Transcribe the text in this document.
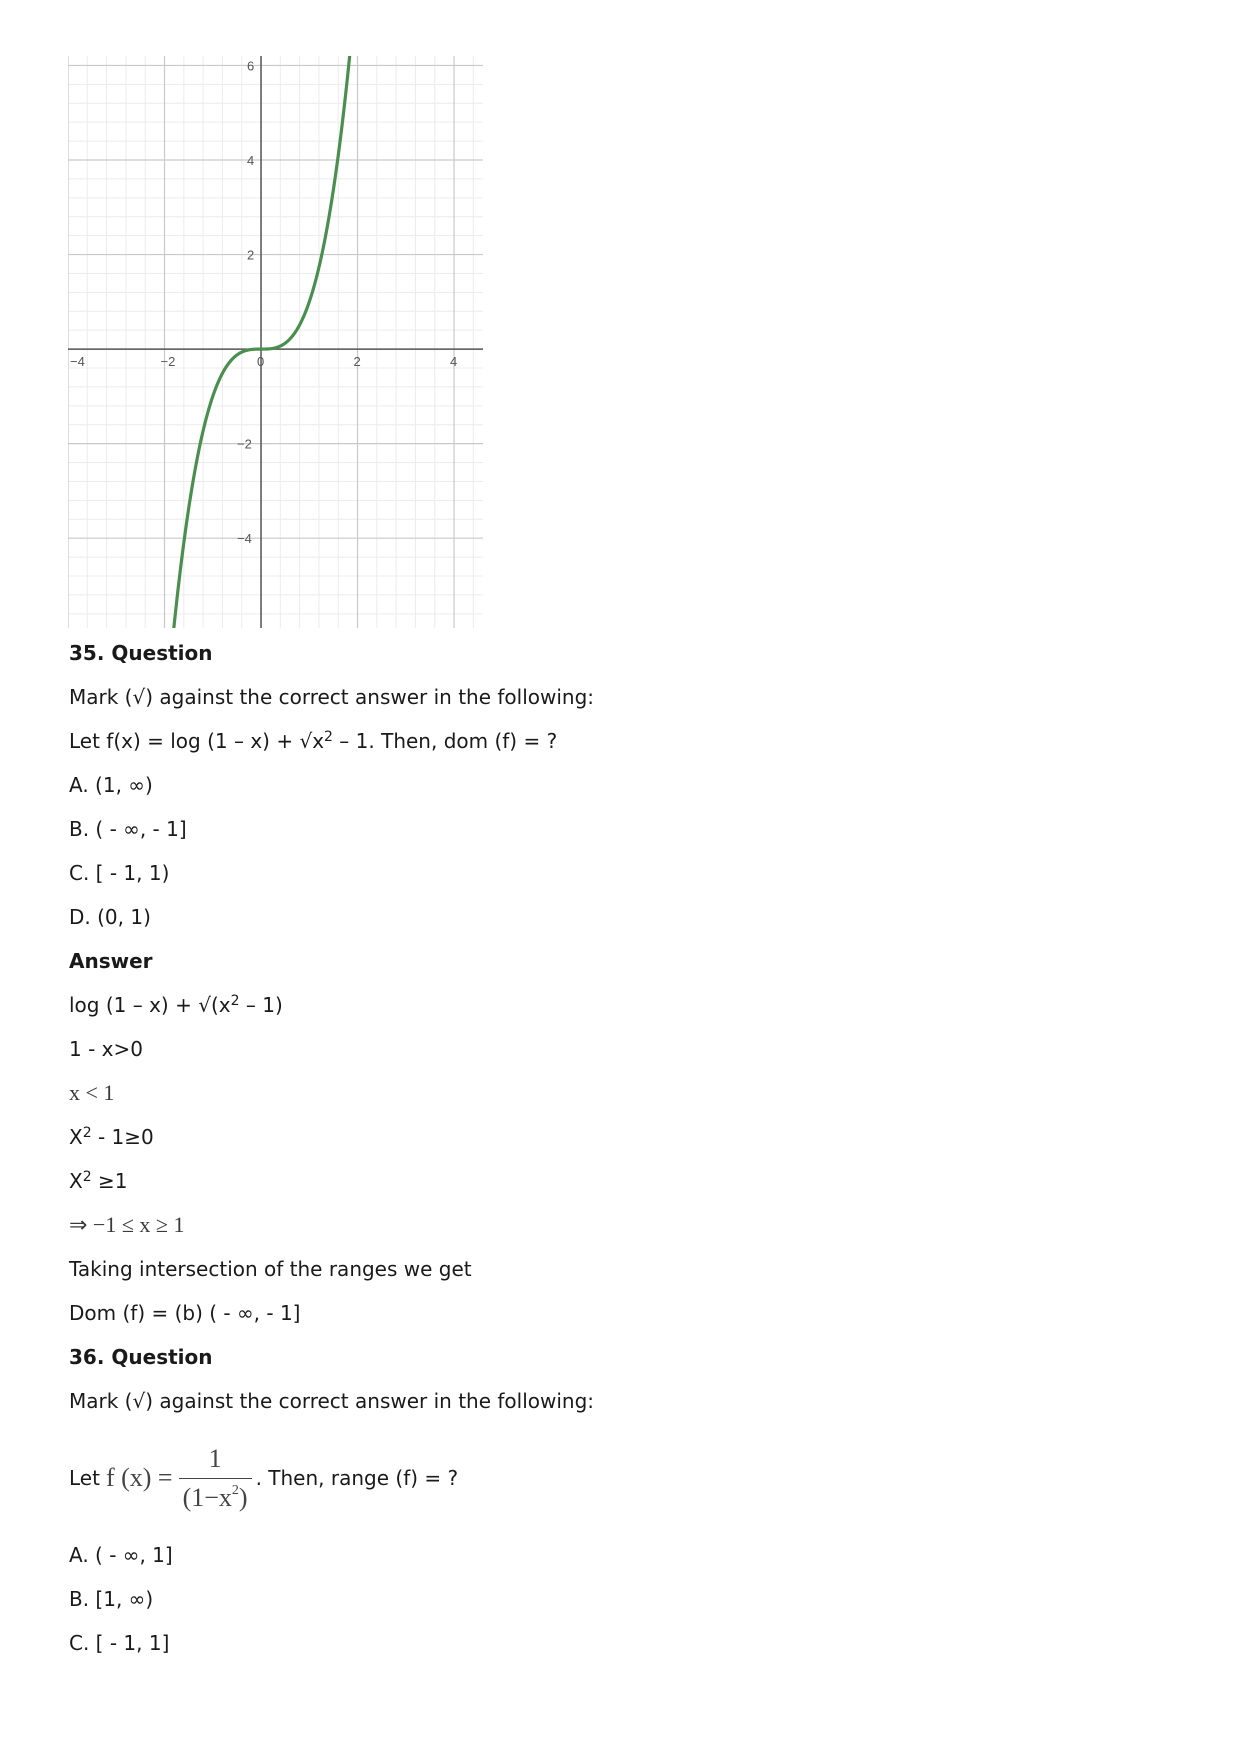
−4	−2	0	2	4
6
4
2
−2
−4
35. Question
Mark (√) against the correct answer in the following:
Let $f(x) = \log (1 - x) + √x^2 - 1$. Then, dom (f) = ?
A. (1, ∞)
B. ( - ∞, - 1]
C. [ - 1, 1)
D. (0, 1)
Answer
$\log (1 - x) + √(x^2 - 1)$
1 - x>0
x < 1
$X^2 - 1\ge 0$
$X^2 \ge 1$
⇒ −1 ≤ x ≥ 1
Taking intersection of the ranges we get
Dom (f) = (b) ( - ∞, - 1]
36. Question
Mark (√) against the correct answer in the following:
Let f $(x) = \frac{1}{(1-x^2)}$ . Then, range (f) = ?
A. ( - ∞, 1]
B. [1, ∞)
C. [ - 1, 1]
